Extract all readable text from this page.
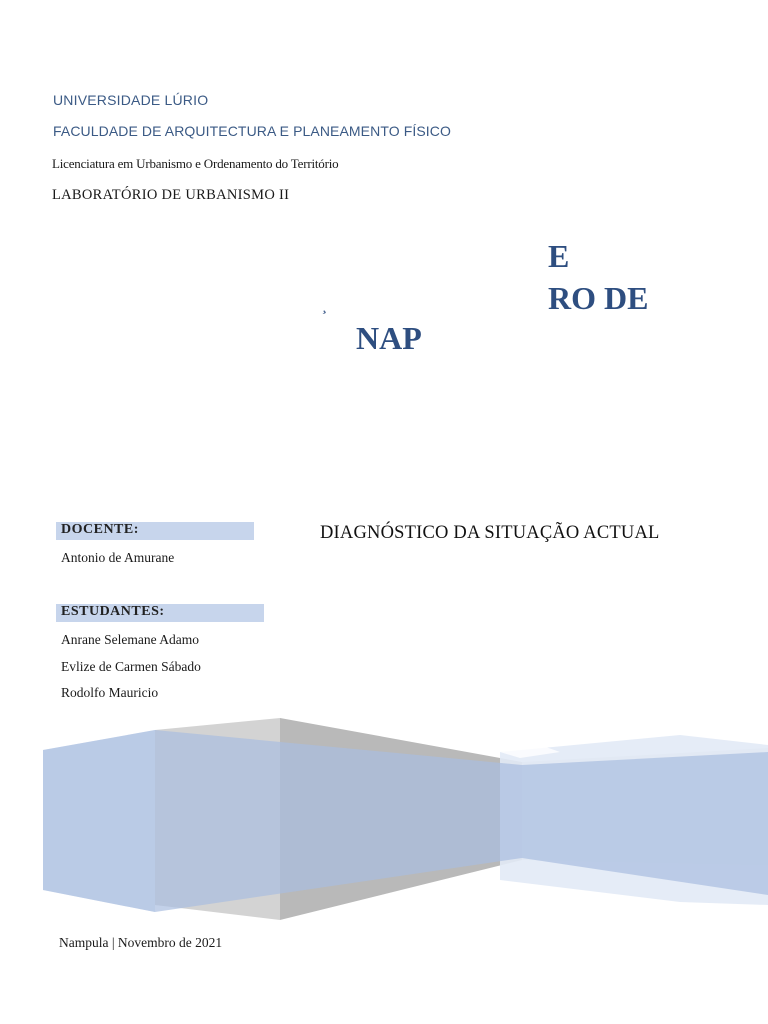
UNIVERSIDADE LÚRIO
FACULDADE DE ARQUITECTURA E PLANEAMENTO FÍSICO
Licenciatura em Urbanismo e Ordenamento do Território
LABORATÓRIO DE URBANISMO II
E
RO DE
NAP
¸
DOCENTE:
Antonio de Amurane
DIAGNÓSTICO DA SITUAÇÃO ACTUAL
ESTUDANTES:
Anrane Selemane Adamo
Evlize de Carmen Sábado
Rodolfo Mauricio
Nampula | Novembro de 2021
